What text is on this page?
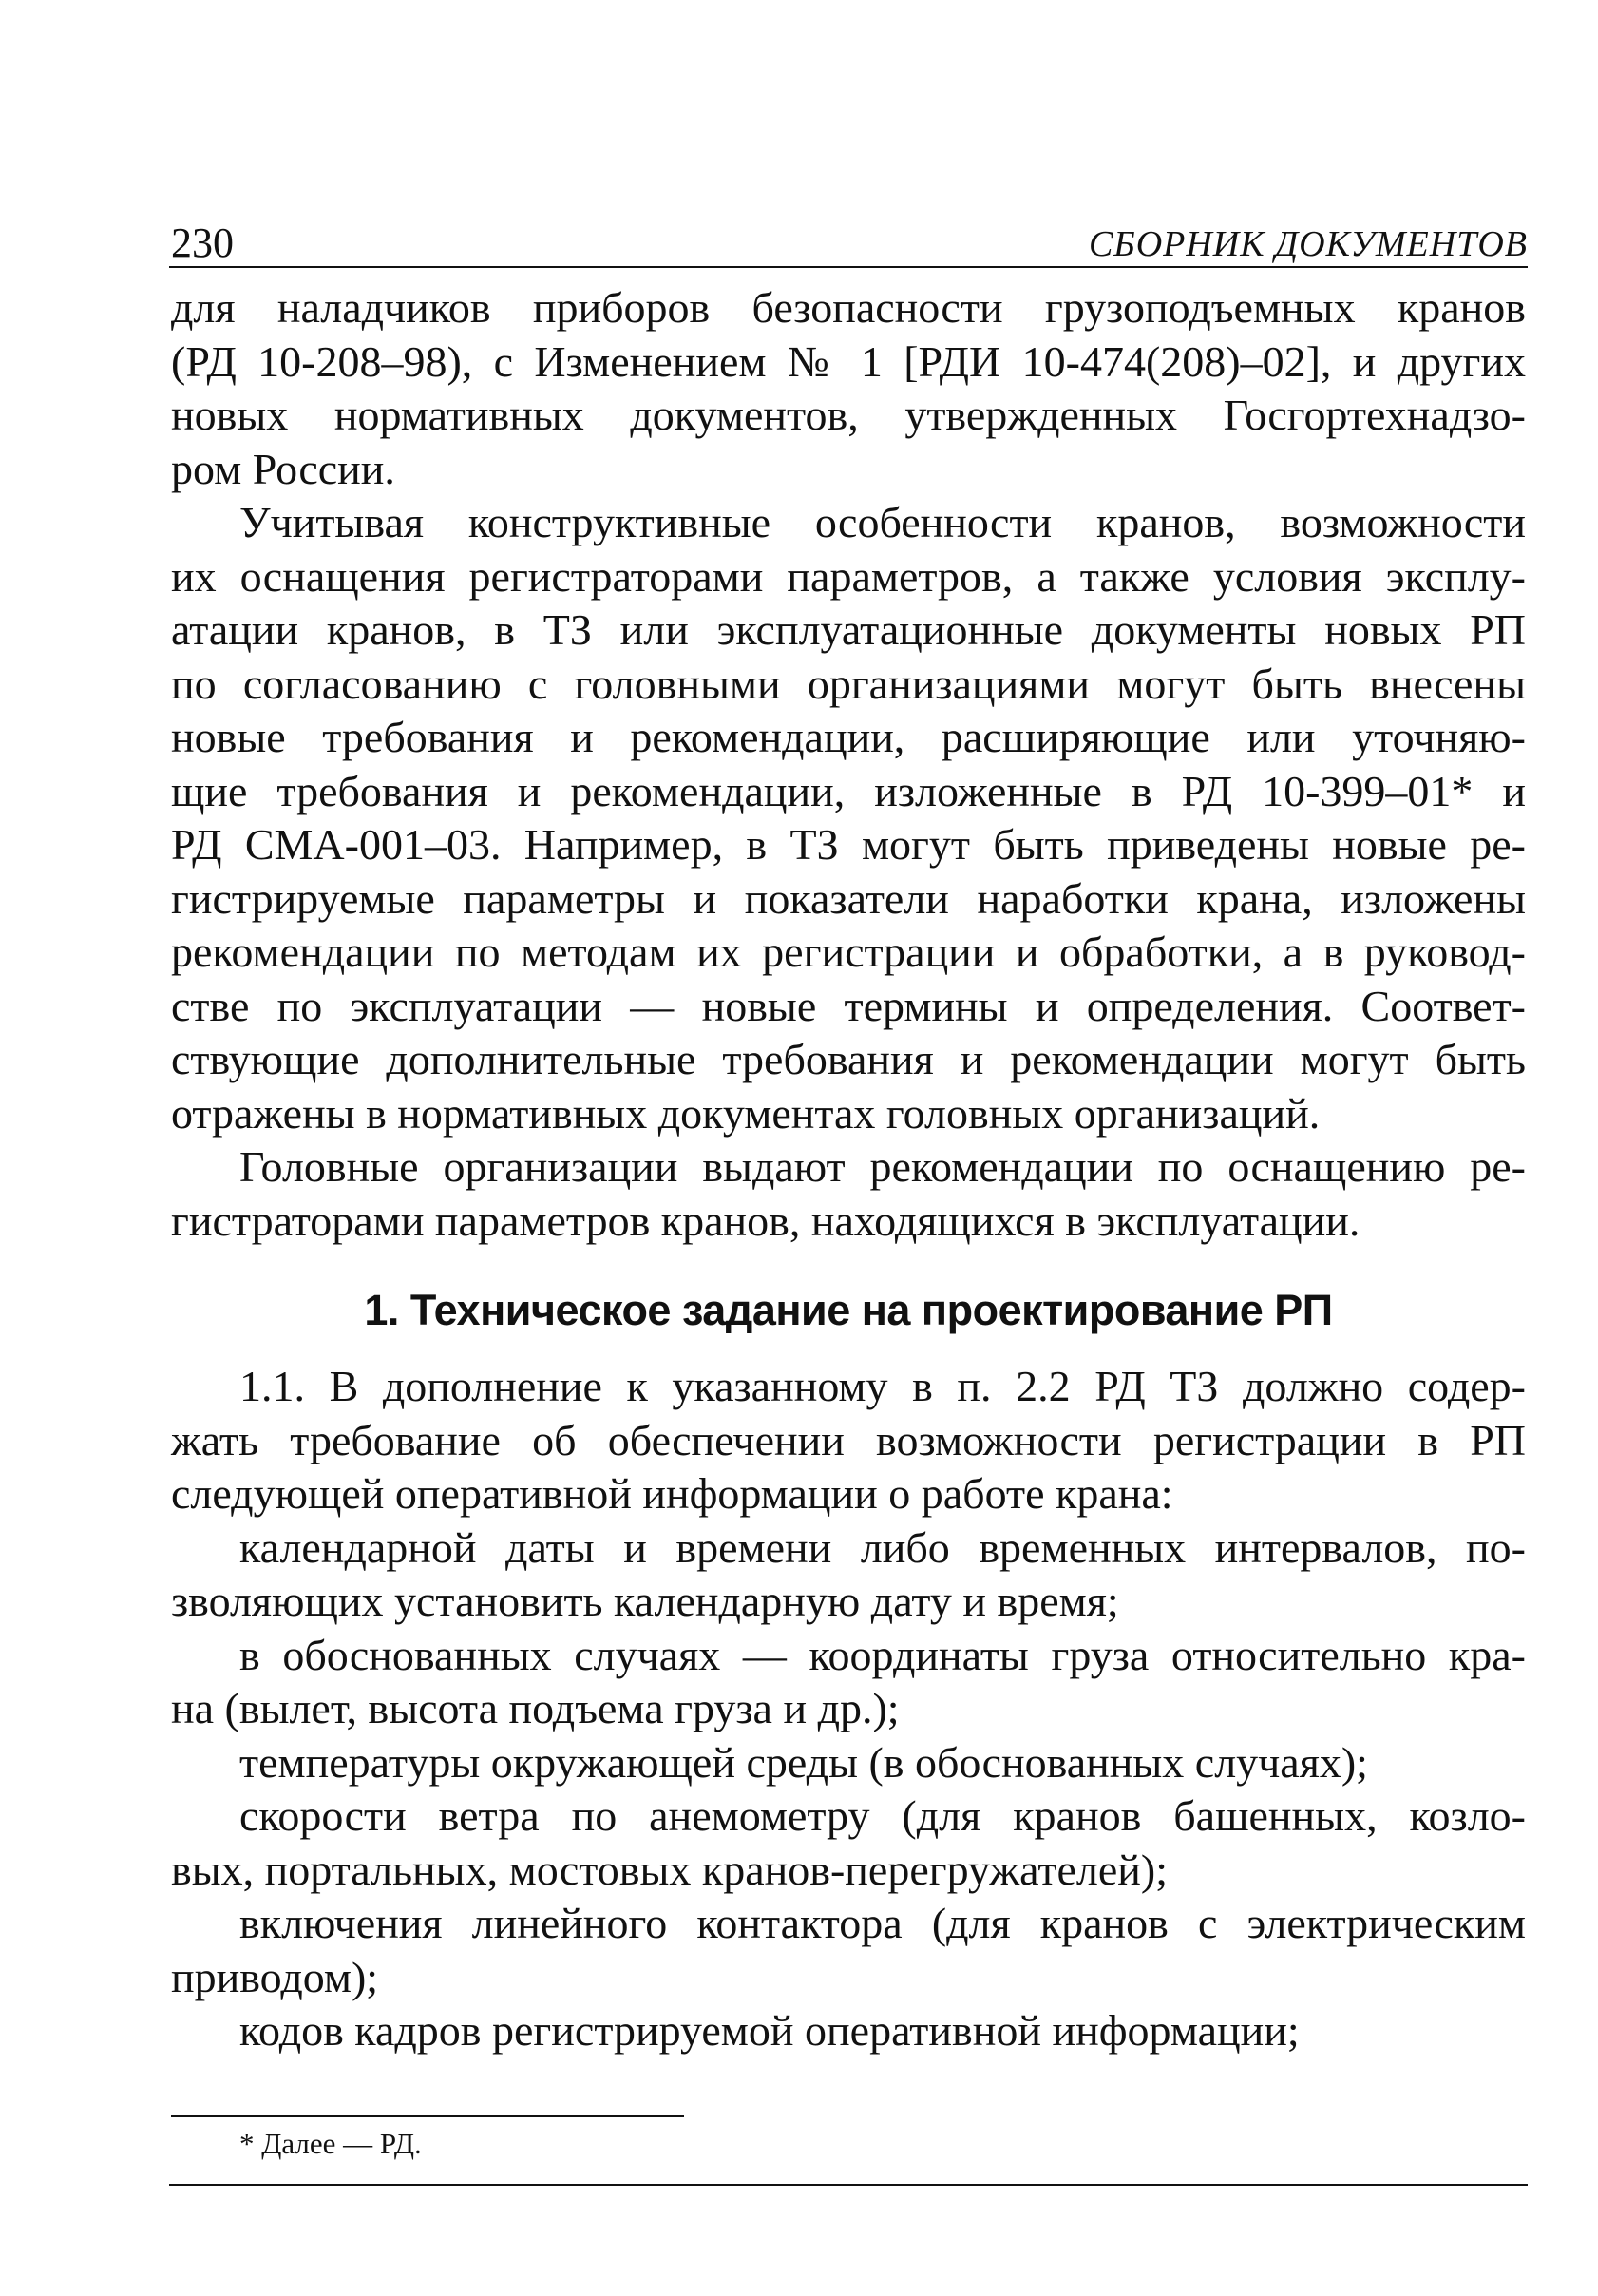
230	СБОРНИК ДОКУМЕНТОВ

для наладчиков приборов безопасности грузоподъемных кранов
(РД 10-208–98), с Изменением № 1 [РДИ 10-474(208)–02], и других
новых нормативных документов, утвержденных Госгортехнадзо-
ром России.

Учитывая конструктивные особенности кранов, возможности
их оснащения регистраторами параметров, а также условия эксплу-
атации кранов, в ТЗ или эксплуатационные документы новых РП
по согласованию с головными организациями могут быть внесены
новые требования и рекомендации, расширяющие или уточняю-
щие требования и рекомендации, изложенные в РД 10-399–01* и
РД СМА-001–03. Например, в ТЗ могут быть приведены новые ре-
гистрируемые параметры и показатели наработки крана, изложены
рекомендации по методам их регистрации и обработки, а в руковод-
стве по эксплуатации — новые термины и определения. Соответ-
ствующие дополнительные требования и рекомендации могут быть
отражены в нормативных документах головных организаций.

Головные организации выдают рекомендации по оснащению ре-
гистраторами параметров кранов, находящихся в эксплуатации.

1. Техническое задание на проектирование РП

1.1. В дополнение к указанному в п. 2.2 РД ТЗ должно содер-
жать требование об обеспечении возможности регистрации в РП
следующей оперативной информации о работе крана:

календарной даты и времени либо временных интервалов, по-
зволяющих установить календарную дату и время;

в обоснованных случаях — координаты груза относительно кра-
на (вылет, высота подъема груза и др.);

температуры окружающей среды (в обоснованных случаях);

скорости ветра по анемометру (для кранов башенных, козло-
вых, портальных, мостовых кранов-перегружателей);

включения линейного контактора (для кранов с электрическим
приводом);

кодов кадров регистрируемой оперативной информации;

* Далее — РД.
